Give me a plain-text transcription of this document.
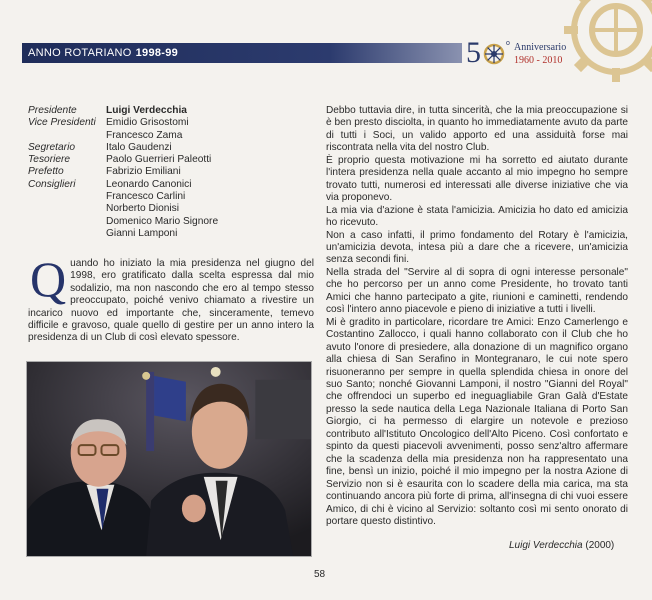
ANNO ROTARIANO 1998-99	5	o Anniversario
1960 - 2010
Presidente	Luigi Verdecchia
Vice Presidenti	Emidio Grisostomi
Francesco Zama
Segretario	Italo Gaudenzi
Tesoriere	Paolo Guerrieri Paleotti
Prefetto	Fabrizio Emiliani
Consiglieri	Leonardo Canonici
Francesco Carlini
Norberto Dionisi
Domenico Mario Signore
Gianni Lamponi
Quando ho iniziato la mia presidenza nel giugno del 1998, ero gratificato dalla scelta espressa dal mio sodalizio, ma non nascondo che ero al tempo stesso preoccupato, poiché venivo chiamato a rivestire un incarico nuovo ed importante che, sinceramente, temevo difficile e gravoso, quale quello di gestire per un anno intero la presidenza di un Club di così elevato spessore.

Debbo tuttavia dire, in tutta sincerità, che la mia preoccupazione si è ben presto disciolta, in quanto ho immediatamente avuto da parte di tutti i Soci, un valido apporto ed una assiduità forse mai riscontrata nella vita del nostro Club.

È proprio questa motivazione mi ha sorretto ed aiutato durante l'intera presidenza nella quale accanto al mio impegno ho sempre trovato tutti, numerosi ed interessati alle diverse iniziative che via via proponevo.

La mia via d'azione è stata l'amicizia. Amicizia ho dato ed amicizia ho ricevuto.

Non a caso infatti, il primo fondamento del Rotary è l'amicizia, un'amicizia devota, intesa più a dare che a ricevere, un'amicizia senza secondi fini.

Nella strada del "Servire al di sopra di ogni interesse personale" che ho percorso per un anno come Presidente, ho trovato tanti Amici che hanno partecipato a gite, riunioni e caminetti, rendendo così l'intero anno piacevole e pieno di iniziative a tutti i livelli.

Mi è gradito in particolare, ricordare tre Amici: Enzo Camerlengo e Costantino Zallocco, i quali hanno collaborato con il Club che ho avuto l'onore di presiedere, alla donazione di un magnifico organo alla chiesa di San Serafino in Montegranaro, le cui note spero risuoneranno per sempre in quella splendida chiesa in onore del suo Santo; nonché Giovanni Lamponi, il nostro "Gianni del Royal" che offrendoci un superbo ed ineguagliabile Gran Galà d'Estate presso la sede nautica della Lega Nazionale Italiana di Porto San Giorgio, ci ha permesso di elargire un notevole e prezioso contributo all'Istituto Oncologico dell'Alto Piceno. Così confortato e spinto da questi piacevoli avvenimenti, posso senz'altro affermare che la scadenza della mia presidenza non ha rappresentato una fine, bensì un inizio, poiché il mio impegno per la nostra Azione di Servizio non si è esaurita con lo scadere della mia carica, ma sta continuando ancora più forte di prima, all'insegna di chi vuoi essere Amico, di chi è vicino al Servizio: soltanto così mi sento onorato di portare questo distintivo.

Luigi Verdecchia (2000)
58
